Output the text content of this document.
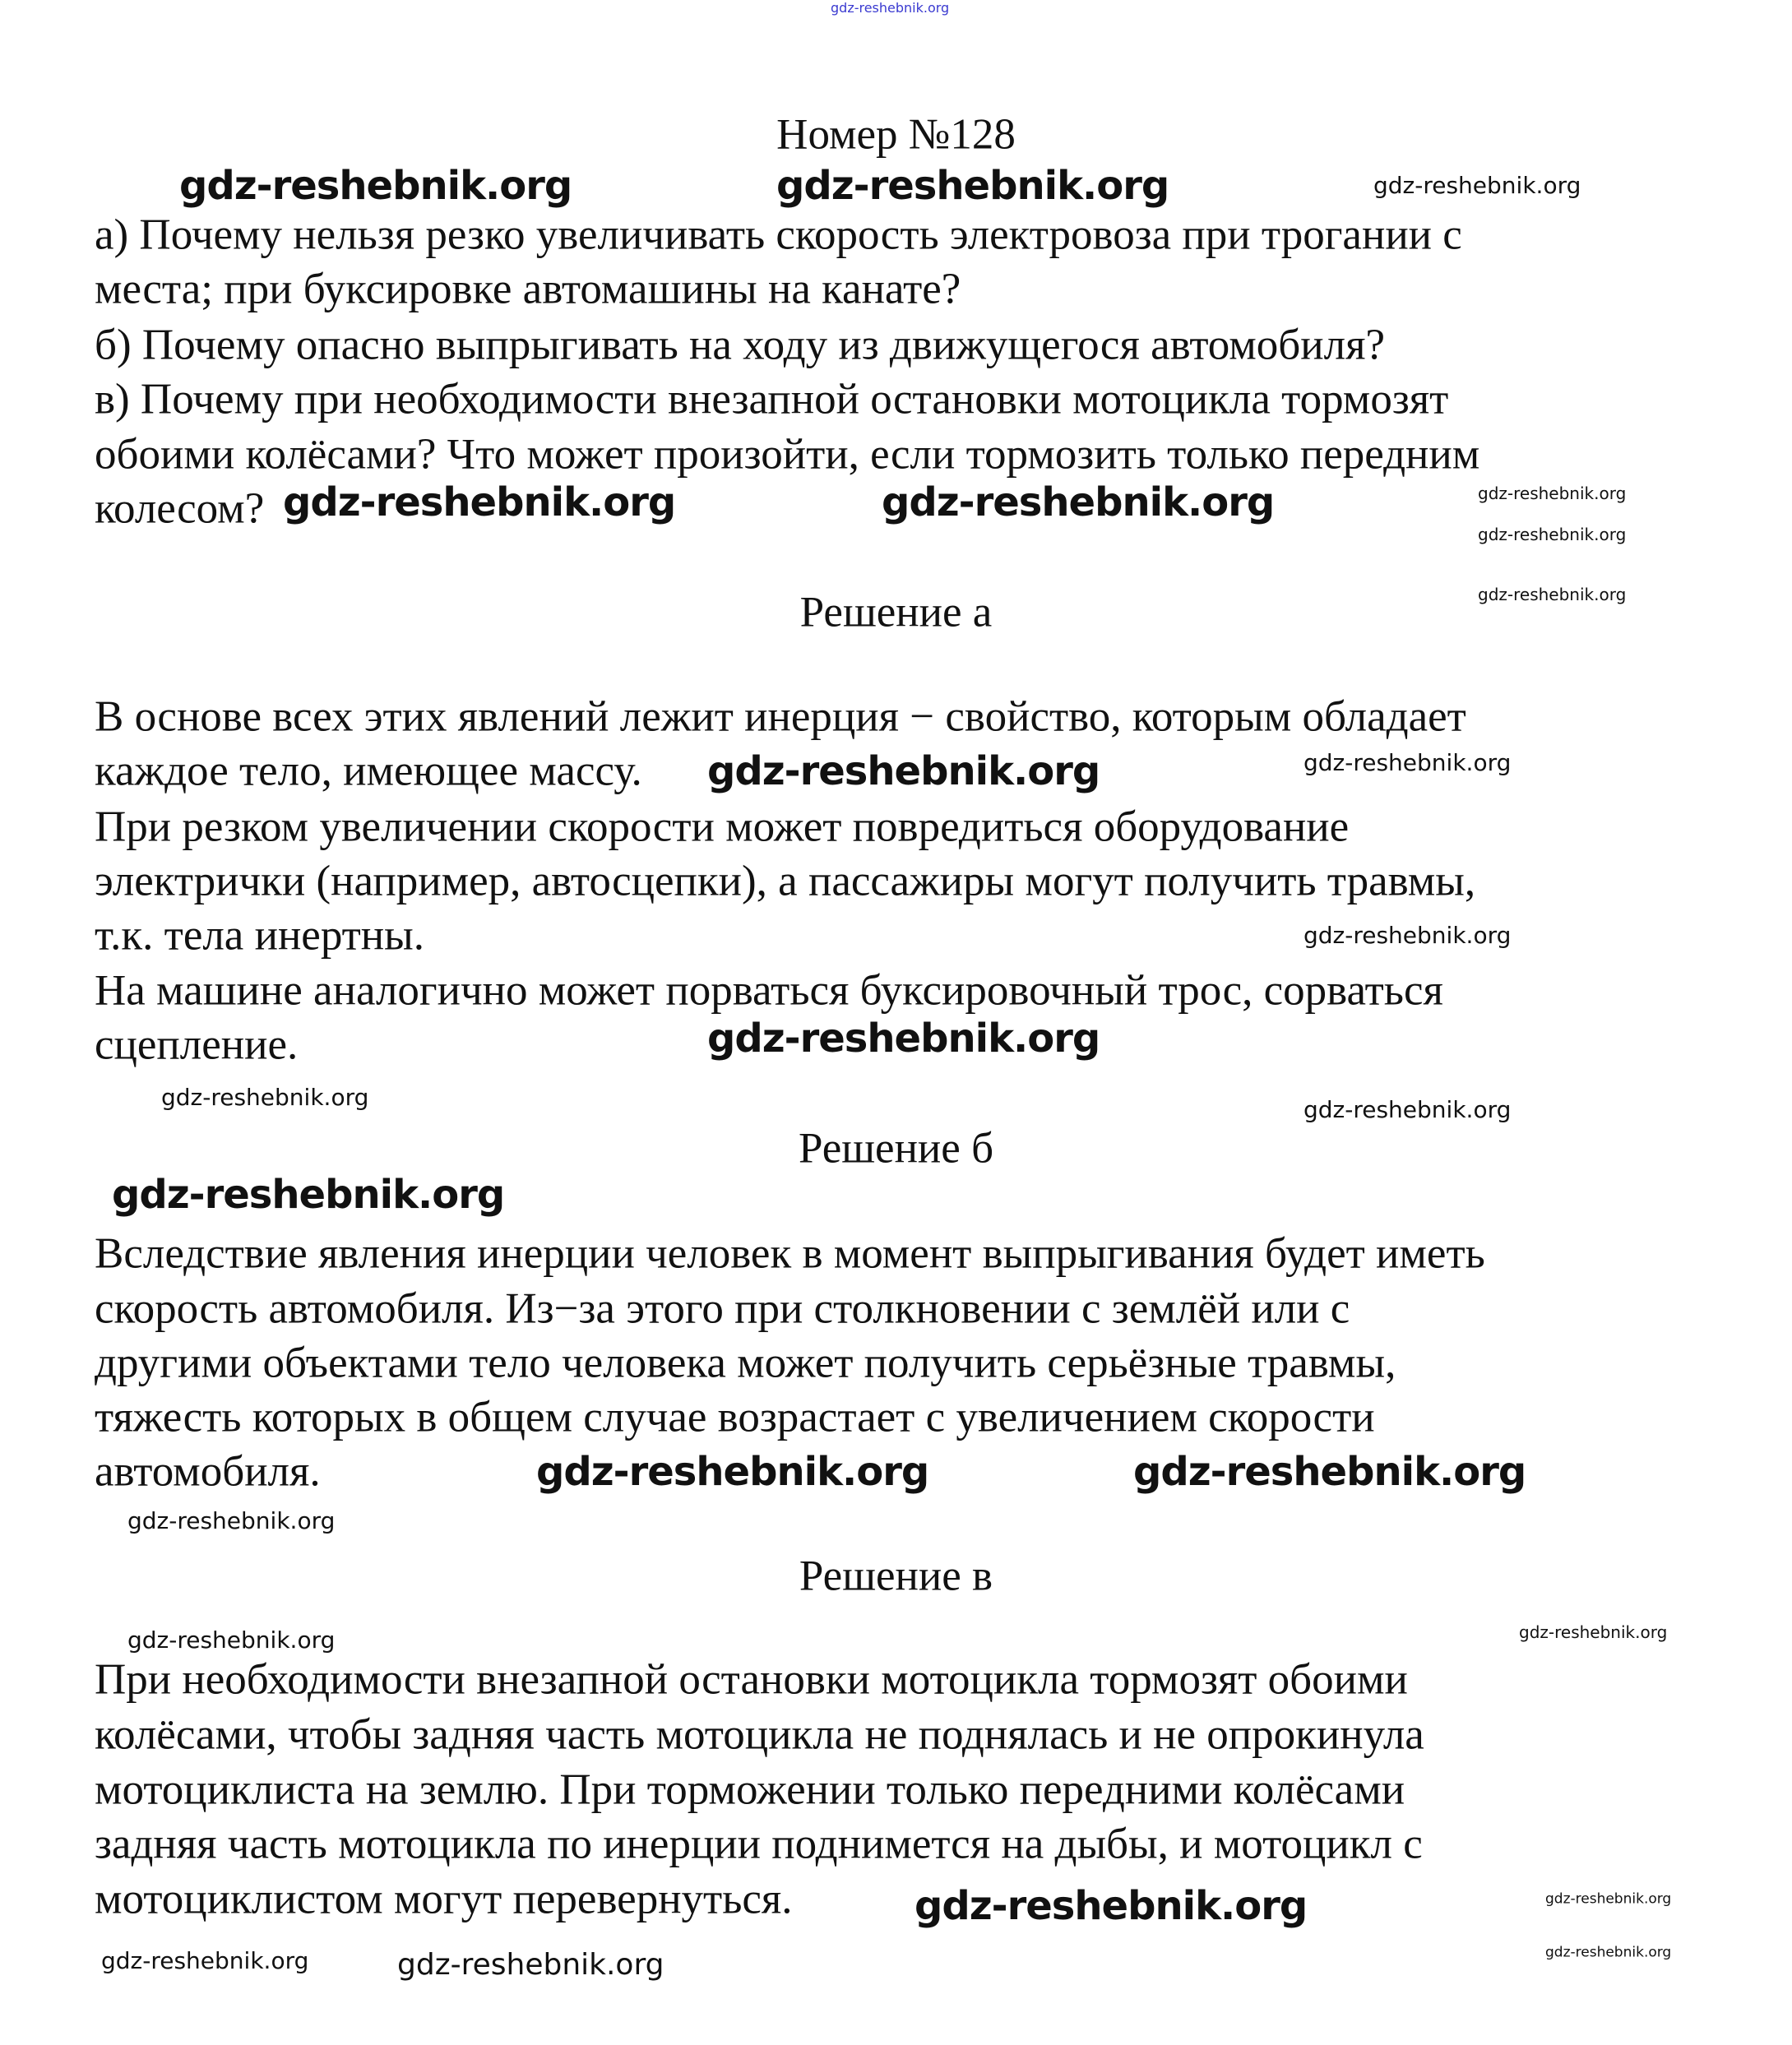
gdz-reshebnik.org
Номер №128
а) Почему нельзя резко увеличивать скорость электровоза при трогании с
места; при буксировке автомашины на канате?
б) Почему опасно выпрыгивать на ходу из движущегося автомобиля?
в) Почему при необходимости внезапной остановки мотоцикла тормозят
обоими колёсами? Что может произойти, если тормозить только передним
колесом?
Решение а
В основе всех этих явлений лежит инерция − свойство, которым обладает
каждое тело, имеющее массу.
При резком увеличении скорости может повредиться оборудование
электрички (например, автосцепки), а пассажиры могут получить травмы,
т.к. тела инертны.
На машине аналогично может порваться буксировочный трос, сорваться
сцепление.
Решение б
Вследствие явления инерции человек в момент выпрыгивания будет иметь
скорость автомобиля. Из−за этого при столкновении с землёй или с
другими объектами тело человека может получить серьёзные травмы,
тяжесть которых в общем случае возрастает с увеличением скорости
автомобиля.
Решение в
При необходимости внезапной остановки мотоцикла тормозят обоими
колёсами, чтобы задняя часть мотоцикла не поднялась и не опрокинула
мотоциклиста на землю. При торможении только передними колёсами
задняя часть мотоцикла по инерции поднимется на дыбы, и мотоцикл с
мотоциклистом могут перевернуться.
gdz-reshebnik.org	gdz-reshebnik.org	gdz-reshebnik.org
gdz-reshebnik.org
gdz-reshebnik.org	gdz-reshebnik.org	gdz-reshebnik.org
gdz-reshebnik.org
gdz-reshebnik.org	gdz-reshebnik.org
gdz-reshebnik.org
gdz-reshebnik.org
gdz-reshebnik.org
gdz-reshebnik.org
gdz-reshebnik.org
gdz-reshebnik.org	gdz-reshebnik.org
gdz-reshebnik.org
gdz-reshebnik.org	gdz-reshebnik.org
gdz-reshebnik.org	gdz-reshebnik.org	gdz-reshebnik.org
gdz-reshebnik.org	gdz-reshebnik.org
